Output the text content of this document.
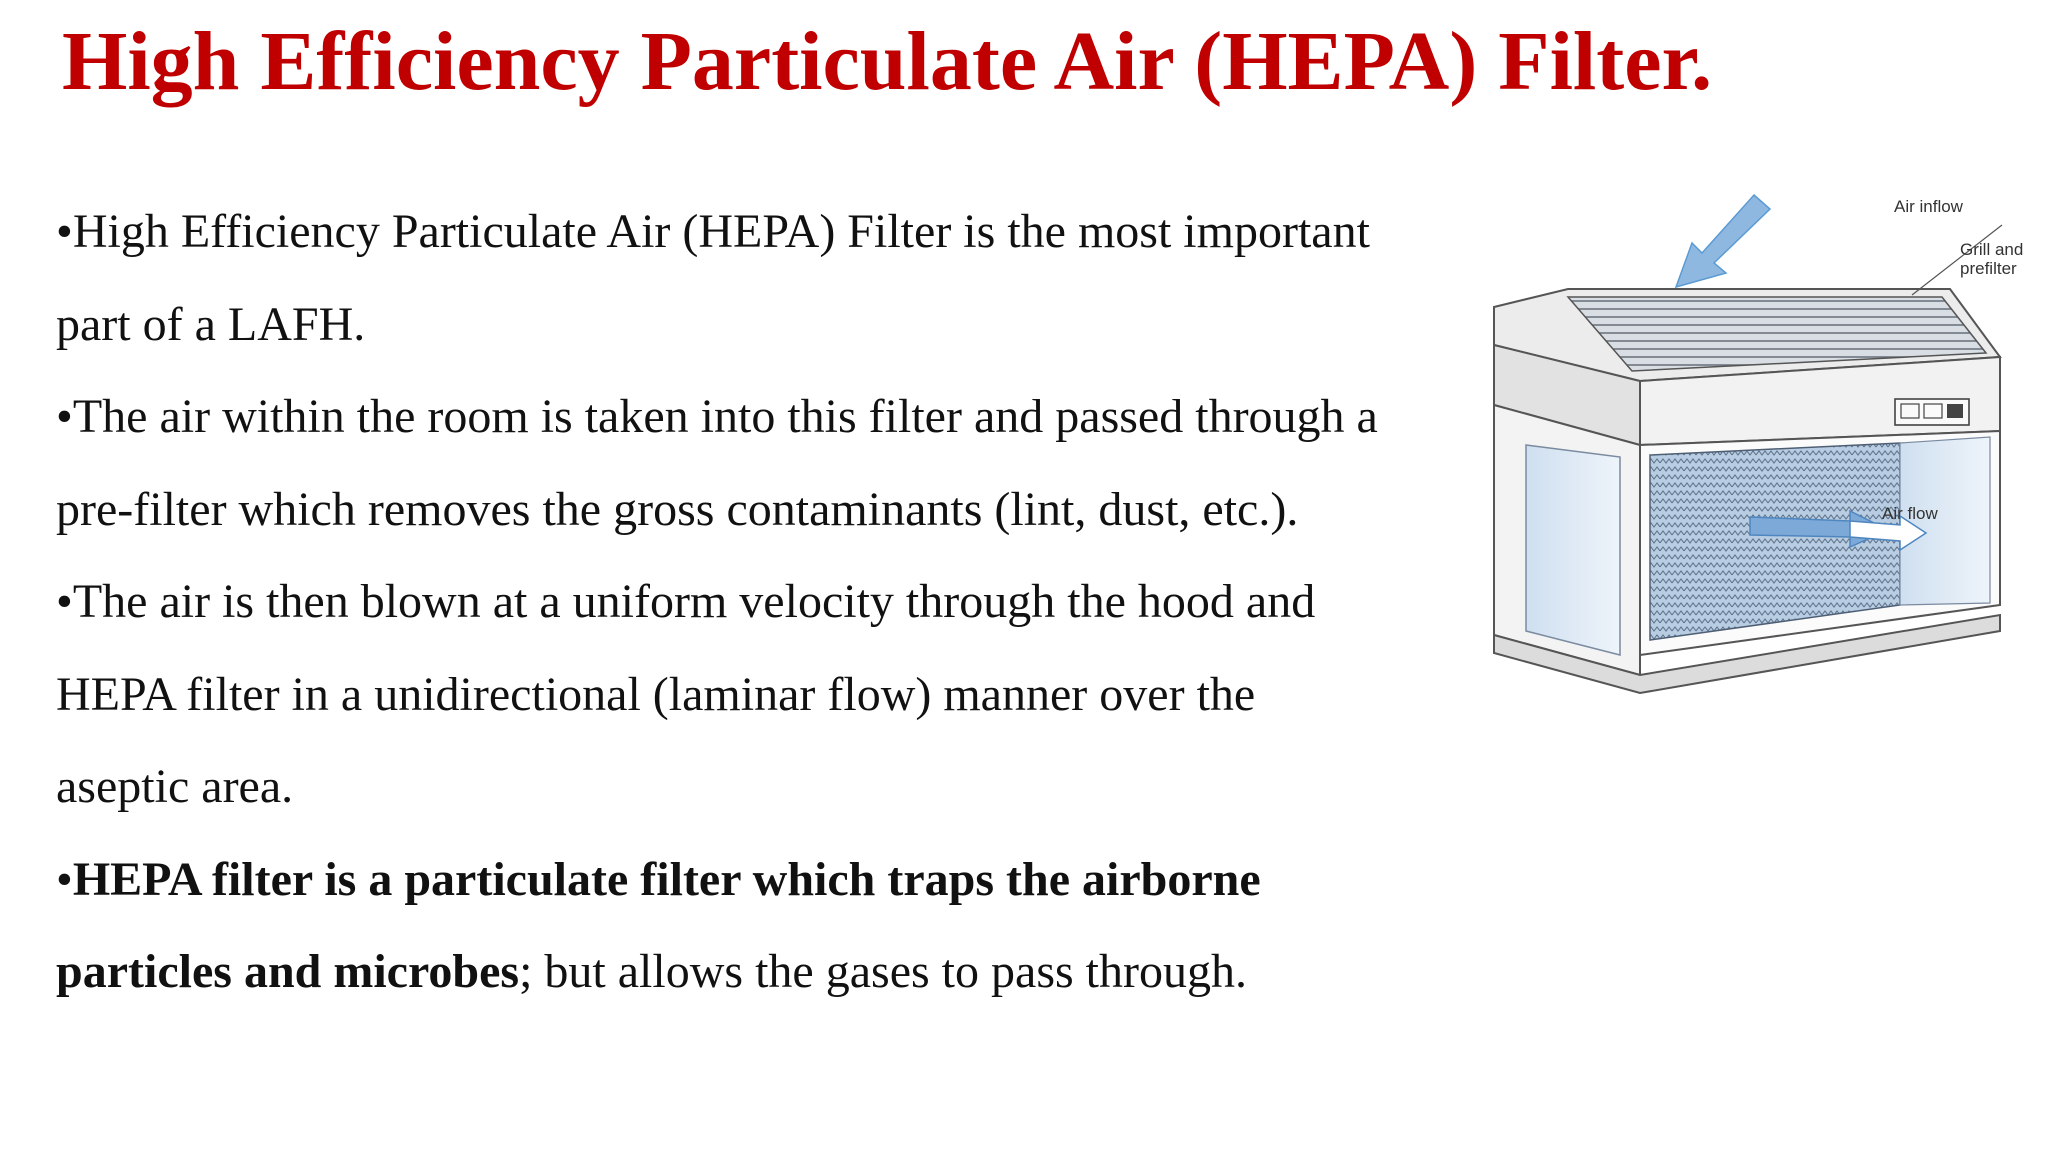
High Efficiency Particulate Air (HEPA) Filter.

•High Efficiency Particulate Air (HEPA) Filter is the most important part of a LAFH.

•The air within the room is taken into this filter and passed through a pre-filter which removes the gross contaminants (lint, dust, etc.).

•The air is then blown at a uniform velocity through the hood and HEPA filter in a unidirectional (laminar flow) manner over the aseptic area.

•HEPA filter is a particulate filter which traps the airborne particles and microbes; but allows the gases to pass through.

Air inflow
Grill and
prefilter
Air flow
